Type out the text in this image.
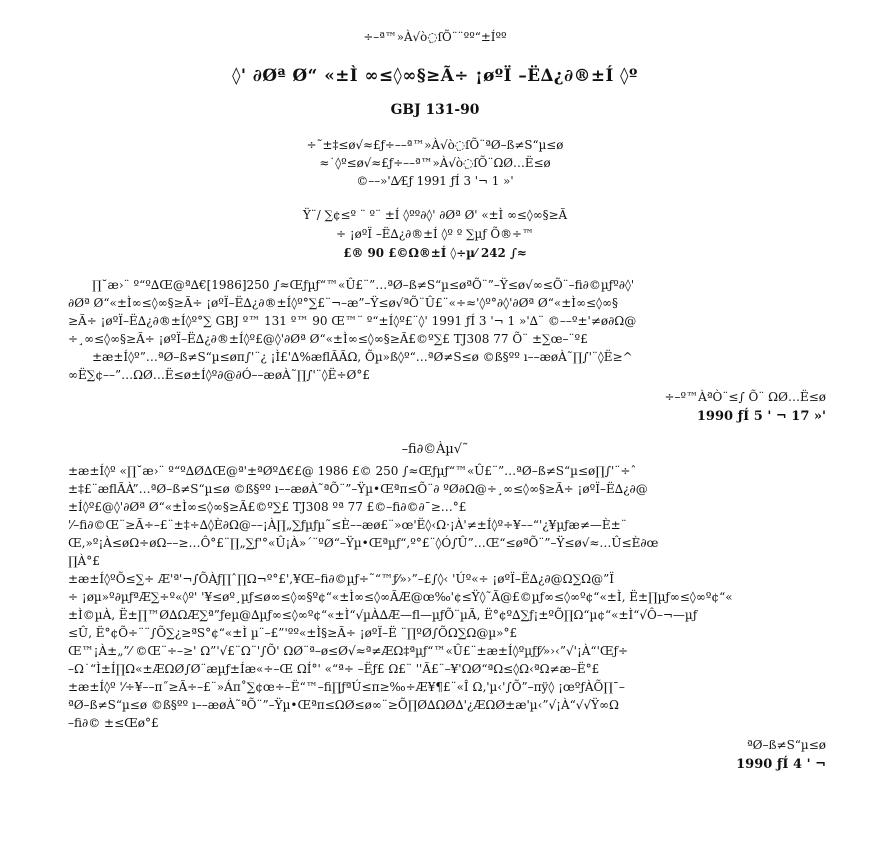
÷–ª™»À√ò߲ſÕ¨¨ºº“±Íºº
◊' ∂Øª Ø“ «±Ì ∞≤◊∞§≥Ã÷ ¡øºÏ –Ë∆¿∂®±Í ◊º
GBJ 131-90
÷˜±‡≤ø√≈£ƒ÷––ª™»À√ò߲ſÕ¨ªØ–ß≠S“µ≤ø
≈˙◊º≤ø√≈£ƒ÷––ª™»À√ò߲ſÕ¨ΩØ…Ë≤ø
©––»'∆⁄£ƒ 1991 ƒÍ 3 '¬ 1 »'
Ÿ¨/ ∑¢≤º ¨ º¨ ±Í ◊ºº∂◊' ∂Øª Ø' «±Ì ∞≤◊∞§≥Ã
÷ ¡øºÏ –Ë∆¿∂®±Í ◊º º ∑µƒ Õ®÷™
£® 90 £©Ω®±Í ◊÷µ⁄ 242 ∫≈
∏˘æ›¨ º“º∆Œ@ª∆€[1986]250 ∫≈Œƒµƒ“™«Û£¨”…ªØ–ß≠S“µ≤øªÕ¨”–Ÿ≤ø√∞≤Õ¨–fi∂©µƒº∂◊'
∂Øª Ø“«±Ì∞≤◊∞§≥Ã÷ ¡øºÏ–Ë∆¿∂®±Í◊º°∑£¨¬–æ”–Ÿ≤ø√ªÕ¨Û£¨«÷≈'◊º°∂◊'∂Øª Ø“«±Ì∞≤◊∞§
≥Ã÷ ¡øºÏ–Ë∆¿∂®±Í◊º°∑ GBJ º™ 131 º™ 90 Œ™¨ º“±Í◊º£¨◊' 1991 ƒÍ 3 '¬ 1 »'∆¨ ©––º±'≠ø∂Ω@
÷¸∞≤◊∞§≥Ã÷ ¡øºÏ–Ë∆¿∂®±Í◊º£@◊'∂Øª Ø“«±Ì∞≤◊∞§≥Ã£©º∑£ TJ308 77 Õ¨ ±∑œ–¨º£
±æ±Í◊º”…ªØ–ß≠S“µ≤øπ∫'¨¿ ¡Ì£'∆%æflÃÃΩ, Õµ»ß◊º“…ªØ≠S≤ø ©ß§ºº ı––æøÀ˜∏∫'¨◊Ë≥^
∞Ë∑¢––”…ΩØ…Ë≤ø±Í◊º∂@∂Ó––æøÀ˜∏∫'¨◊Ë÷Ø°£
÷–º™ÀªÒ¨≤∫ Õ¨ ΩØ…Ë≤ø
1990 ƒÍ 5 ' ¬ 17 »'
–fi∂©Àµ√˜
±æ±Í◊º «∏˘æ›¨ º“º∆Ø∆Œ@ª'±ªØº∆€£@ 1986 £© 250 ∫≈Œƒµƒ“™«Û£¨”…ªØ–ß≠S“µ≤ø∏∫'¨÷ˆ
±‡£¨æflÃÀ”…ªØ–ß≠S“µ≤ø ©ß§ºº ı––æøÀ˜ªÕ¨”–Ÿµ•Œªπ≤Õ¨∂ ºØ∂Ω@÷¸∞≤◊∞§≥Ã÷ ¡øºÏ–Ë∆¿∂@
±Í◊º£@◊'∂Øª Ø“«±Ì∞≤◊∞§≥Ã£©º∑£ TJ308 ºª 77 £©–fi∂©∂¯≥…°£
'⁄–fi∂©Œ¨≥Ã÷–£¨±‡÷∆◊È∂Ω@––¡À∏„∑ƒµƒµ˜≤È––æø£¨»œ'Ë◊‹Ω·¡À'≠±Í◊º÷¥––“'¿¥µƒæ≠—È±¨
Œ,»º¡À≤øΩ÷øΩ––≥…Ô°£¨∏„∑ƒ'°«Û¡À»´¨ºØ“–Ÿµ•Œªµƒ“,º°£¨◊Ó∫Û”…Œ“≤øªÕ¨”–Ÿ≤ø√≈…Û≤È∂œ
∏À°£
±æ±Í◊ºÕ≤∑÷ Æ'ª'¬∫ÕÀƒ∏ˆ∏Ω¬º°£',¥Œ–fi∂©µƒ÷˜“™ƒ⁄»›”–£∫◊‹ 'Úº«÷ ¡øºÏ–Ë∆¿∂@Ω∑Ω@”Ï
÷ ¡øµ»º∂µƒªÆ∑÷º«◊º' '¥≤øº¸µƒ≤ø∞≤◊∞§º¢“«±Ì∞≤◊∞ÃÆ@œ‰'¢≤Ÿ◊˜Ã@£©µƒ∞≤◊∞º¢“«±Ì‚ Ë±∏µƒ∞≤◊∞º¢“«
±Ì©µÀ‚ Ë±∏™Ø∆ΩÆ∑ª”ƒeµ@∆µƒ∞≤◊∞º¢“«±Ì“√µÀ∆Æ—fl—µƒÕ¨µÃ‚ Ë°¢º∆∑ƒ¡±ºÕ∏Ω“µ¢“«±Ì“√Ô–¬—µƒ
≤Û‚ Ë°¢Õ÷¨¨∫Õ∑¿≥ªS°¢“«±Ì µ¨–£”'ºº«±Ì§≥Ã÷ ¡øºÏ–Ë ¨∏ºØ∫ÕΩ∑Ω@µ»°£
Œ™¡À±„”⁄ ©Œ¨÷–≥' Ω”'√£¨Ω¨'∫Õ' ΩØ¨ª–ø≤Ø√≈ª≠ÆΩ‡ªµƒ“™«Û£¨±æ±Í◊ºµƒƒ⁄»›‹”√'¡À“'Œƒ÷
–Ω˙“Ì±Í∏Ω«±ÆΩØ∫Ø¨æµƒ±Íæ«÷–Œ ΩÍ°' «“ª÷ –Ëƒ£ Ω£¨ ''Ã£¨–¥'ΩØ“ªΩ≤◊Ω‹ªΩ≠æ–Ë°£
±æ±Í◊º '⁄÷¥––π˝≥Ã÷–£¨»Áπ˚∑¢œ÷–Ë“™–fi∏ƒªÚ≤π≥‰÷Æ¥¶£¨«Î Ω‚'µ‹'∫Õ”–πÿ◊ ¡œºƒÀÕ∏¯–
ªØ–ß≠S“µ≤ø ©ß§ºº ı––æøÀ˜ªÕ¨”–Ÿµ•Œªπ≤ΩØ≤ø∞¨≥Õ∏Ø∆ΩØ∆'¿ÆΩØ±æ'µ‹”√¡À“√√Ÿ∞Ω
–fi∂© ±≤Œø°£
ªØ–ß≠S“µ≤ø
1990 ƒÍ 4 ' ¬
